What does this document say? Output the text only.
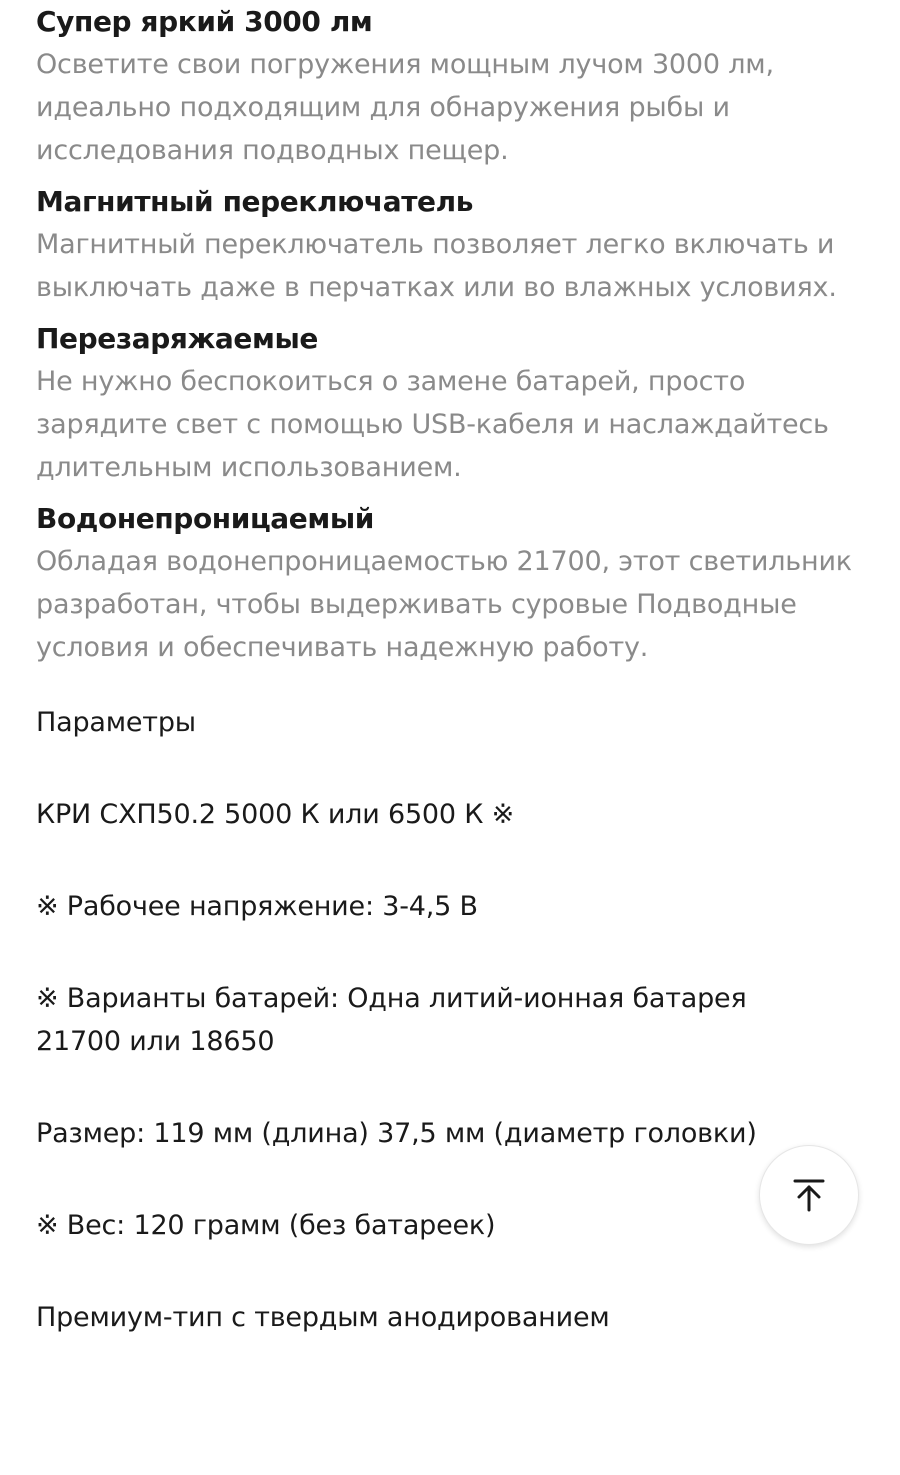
Супер яркий 3000 лм

Осветите свои погружения мощным лучом 3000 лм, идеально подходящим для обнаружения рыбы и исследования подводных пещер.

Магнитный переключатель

Магнитный переключатель позволяет легко включать и выключать даже в перчатках или во влажных условиях.

Перезаряжаемые

Не нужно беспокоиться о замене батарей, просто зарядите свет с помощью USB-кабеля и наслаждайтесь длительным использованием.

Водонепроницаемый

Обладая водонепроницаемостью 21700, этот светильник разработан, чтобы выдерживать суровые Подводные условия и обеспечивать надежную работу.

Параметры

КРИ СХП50.2 5000 К или 6500 К ※

※ Рабочее напряжение: 3-4,5 В

※ Варианты батарей: Одна литий-ионная батарея 21700 или 18650

Размер: 119 мм (длина) 37,5 мм (диаметр головки)

※ Вес: 120 грамм (без батареек)

Премиум-тип с твердым анодированием
